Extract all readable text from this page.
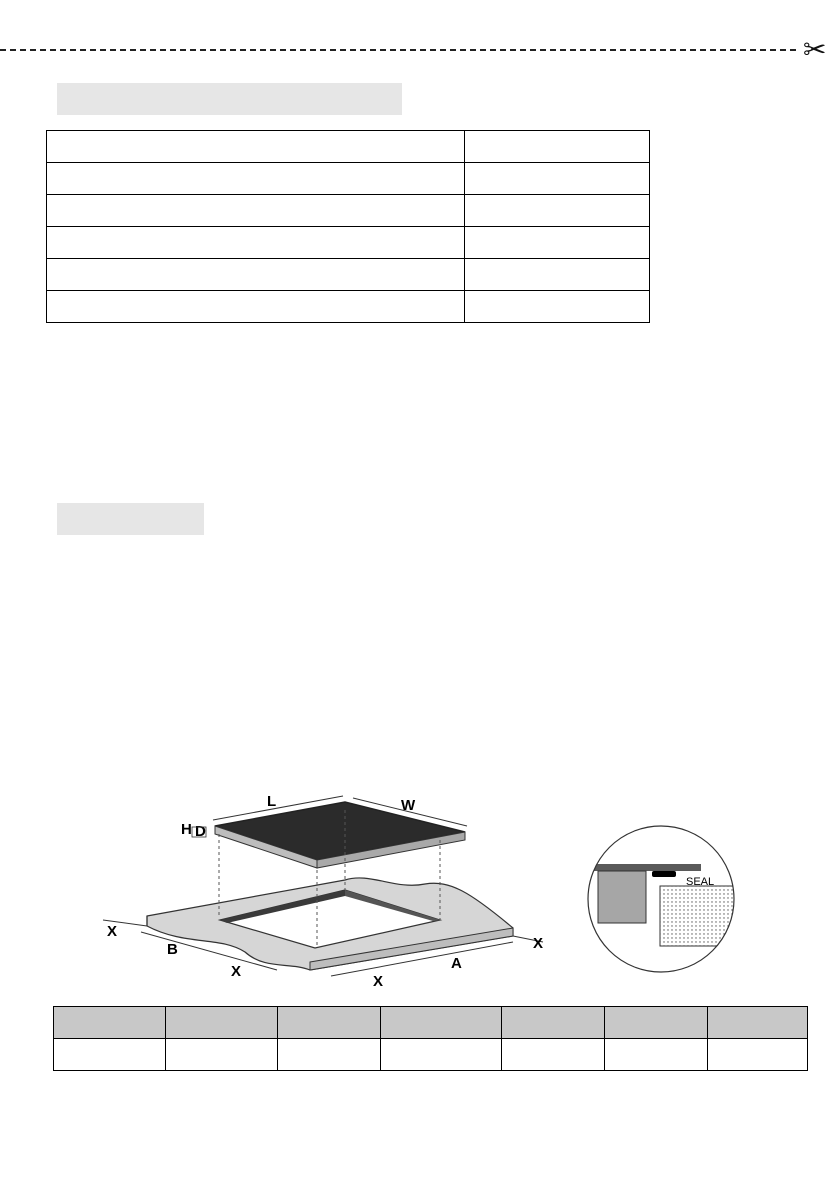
✂

L	W
H D
X
B
X	A
X
X
SEAL
